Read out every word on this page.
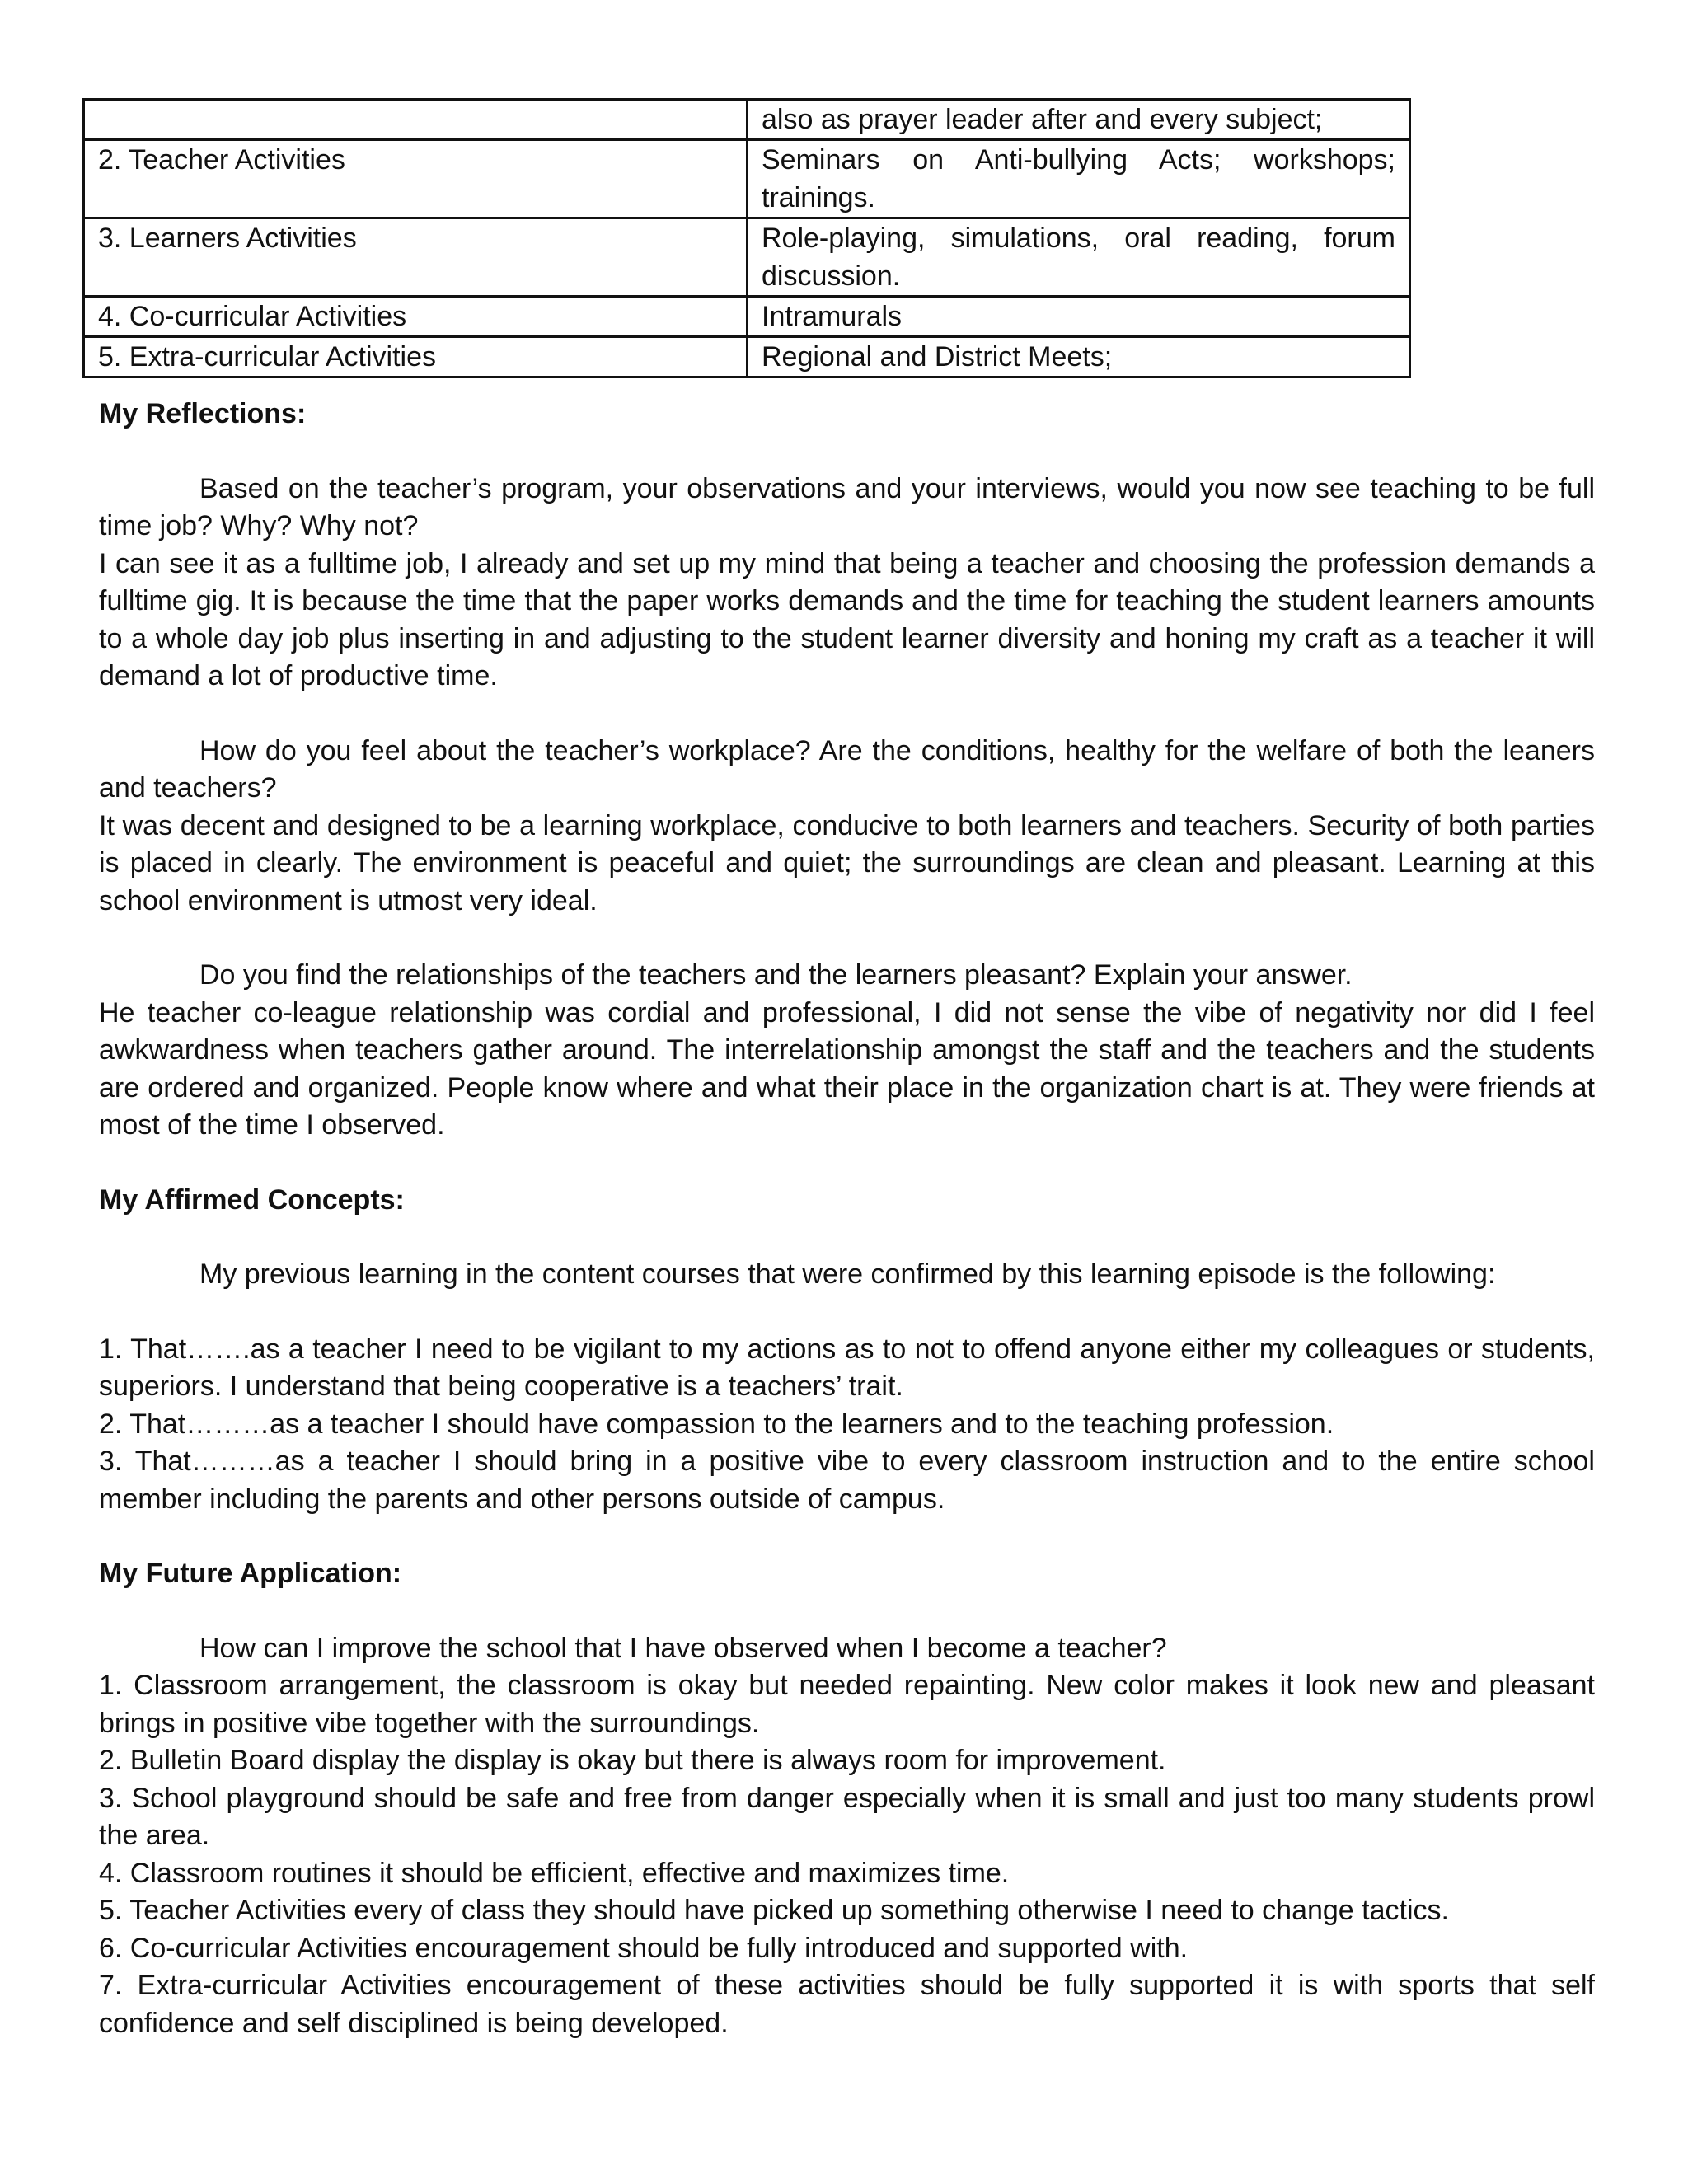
	also as prayer leader after and every subject;
2. Teacher Activities	Seminars on Anti-bullying Acts; workshops; trainings.
3. Learners Activities	Role-playing, simulations, oral reading, forum discussion.
4. Co-curricular Activities	Intramurals
5. Extra-curricular Activities	Regional and District Meets;

My Reflections:

Based on the teacher’s program, your observations and your interviews, would you now see teaching to be full time job? Why? Why not?

I can see it as a fulltime job, I already and set up my mind that being a teacher and choosing the profession demands a fulltime gig. It is because the time that the paper works demands and the time for teaching the student learners amounts to a whole day job plus inserting in and adjusting to the student learner diversity and honing my craft as a teacher it will demand a lot of productive time.

How do you feel about the teacher’s workplace? Are the conditions, healthy for the welfare of both the leaners and teachers?

It was decent and designed to be a learning workplace, conducive to both learners and teachers. Security of both parties is placed in clearly. The environment is peaceful and quiet; the surroundings are clean and pleasant. Learning at this school environment is utmost very ideal.

Do you find the relationships of the teachers and the learners pleasant? Explain your answer.

He teacher co-league relationship was cordial and professional, I did not sense the vibe of negativity nor did I feel awkwardness when teachers gather around. The interrelationship amongst the staff and the teachers and the students are ordered and organized. People know where and what their place in the organization chart is at. They were friends at most of the time I observed.

My Affirmed Concepts:

My previous learning in the content courses that were confirmed by this learning episode is the following:

1. That…….as a teacher I need to be vigilant to my actions as to not to offend anyone either my colleagues or students, superiors. I understand that being cooperative is a teachers’ trait.

2. That………as a teacher I should have compassion to the learners and to the teaching profession.

3. That………as a teacher I should bring in a positive vibe to every classroom instruction and to the entire school member including the parents and other persons outside of campus.

My Future Application:

How can I improve the school that I have observed when I become a teacher?

1. Classroom arrangement, the classroom is okay but needed repainting. New color makes it look new and pleasant brings in positive vibe together with the surroundings.

2. Bulletin Board display the display is okay but there is always room for improvement.

3. School playground should be safe and free from danger especially when it is small and just too many students prowl the area.

4. Classroom routines it should be efficient, effective and maximizes time.

5. Teacher Activities every of class they should have picked up something otherwise I need to change tactics.

6. Co-curricular Activities encouragement should be fully introduced and supported with.

7. Extra-curricular Activities encouragement of these activities should be fully supported it is with sports that self confidence and self disciplined is being developed.
